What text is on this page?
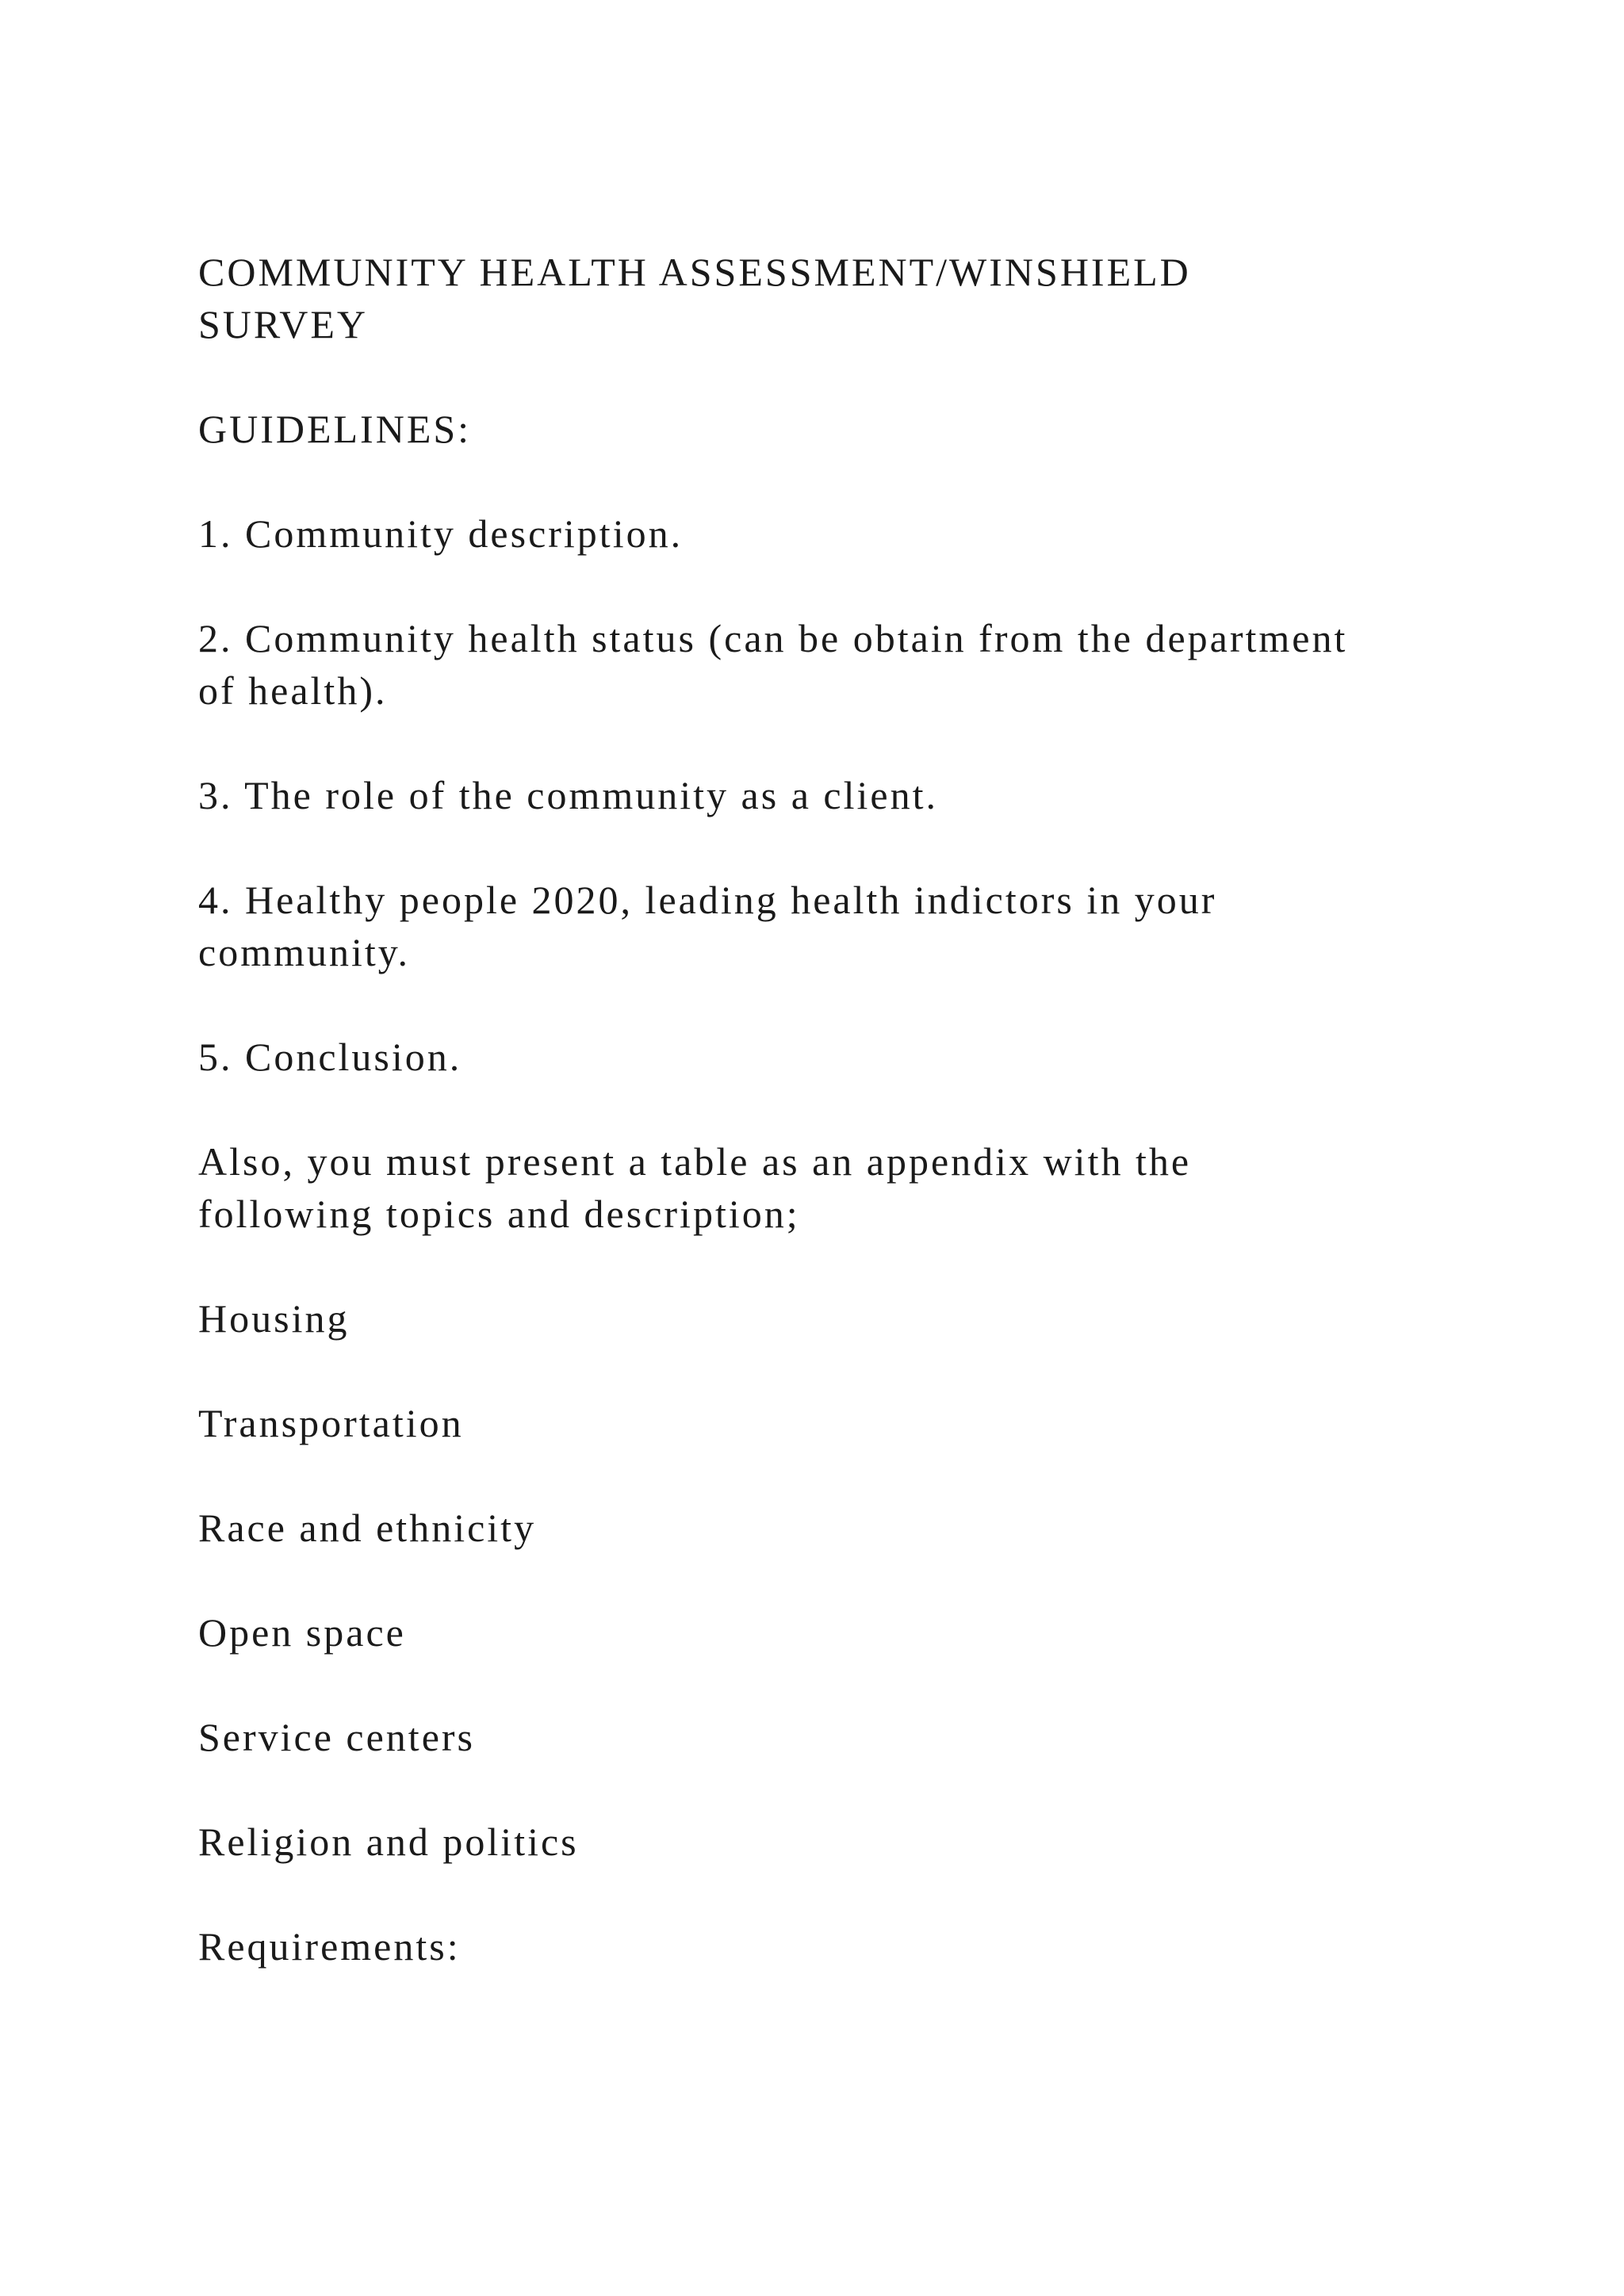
COMMUNITY HEALTH ASSESSMENT/WINSHIELD
SURVEY
GUIDELINES:
1. Community description.
2. Community health status (can be obtain from the department
of health).
3. The role of the community as a client.
4. Healthy people 2020, leading health indictors in your
community.
5. Conclusion.
Also, you must present a table as an appendix with the
following topics and description;
Housing
Transportation
Race and ethnicity
Open space
Service centers
Religion and politics
Requirements:
